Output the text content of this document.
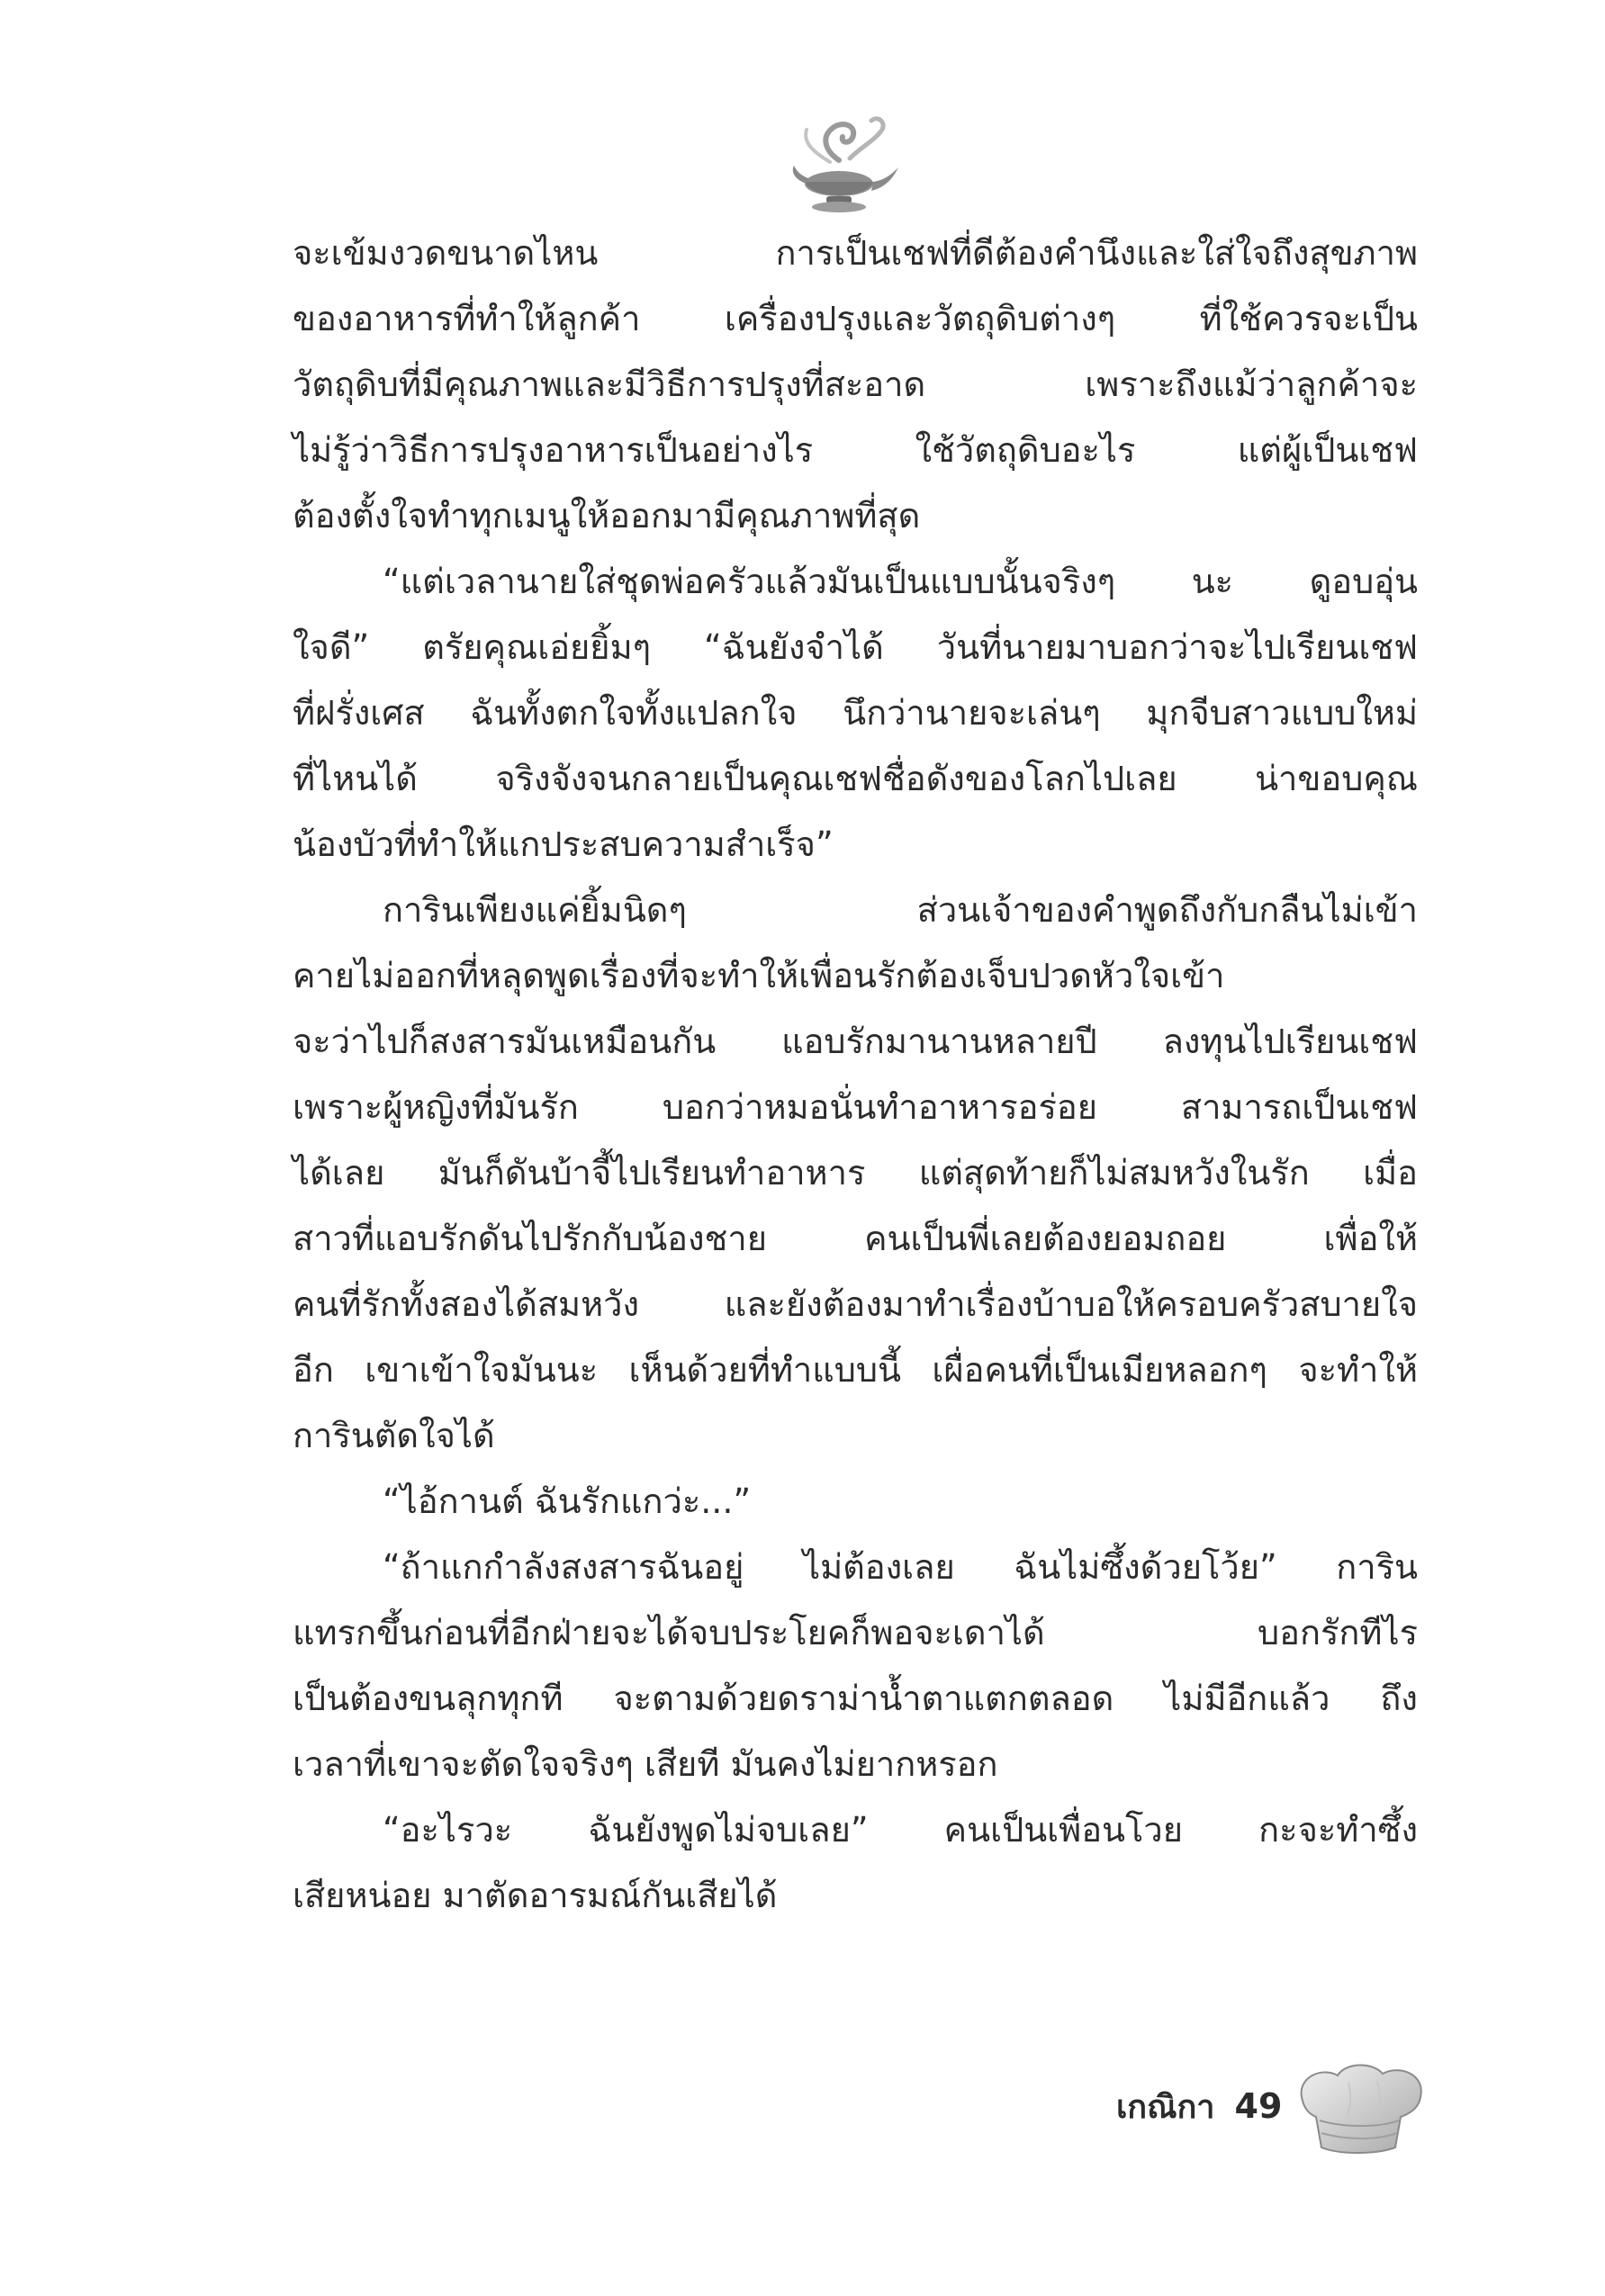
จะเข้มงวดขนาดไหน การเป็นเชฟที่ดีต้องคำนึงและใส่ใจถึงสุขภาพ
ของอาหารที่ทำให้ลูกค้า เครื่องปรุงและวัตถุดิบต่างๆ ที่ใช้ควรจะเป็น
วัตถุดิบที่มีคุณภาพและมีวิธีการปรุงที่สะอาด เพราะถึงแม้ว่าลูกค้าจะ
ไม่รู้ว่าวิธีการปรุงอาหารเป็นอย่างไร ใช้วัตถุดิบอะไร แต่ผู้เป็นเชฟ
ต้องตั้งใจทำทุกเมนูให้ออกมามีคุณภาพที่สุด
“แต่เวลานายใส่ชุดพ่อครัวแล้วมันเป็นแบบนั้นจริงๆ นะ ดูอบอุ่น
ใจดี” ตรัยคุณเอ่ยยิ้มๆ “ฉันยังจำได้ วันที่นายมาบอกว่าจะไปเรียนเชฟ
ที่ฝรั่งเศส ฉันทั้งตกใจทั้งแปลกใจ นึกว่านายจะเล่นๆ มุกจีบสาวแบบใหม่
ที่ไหนได้ จริงจังจนกลายเป็นคุณเชฟชื่อดังของโลกไปเลย น่าขอบคุณ
น้องบัวที่ทำให้แกประสบความสำเร็จ”
การินเพียงแค่ยิ้มนิดๆ ส่วนเจ้าของคำพูดถึงกับกลืนไม่เข้า
คายไม่ออกที่หลุดพูดเรื่องที่จะทำให้เพื่อนรักต้องเจ็บปวดหัวใจเข้า
จะว่าไปก็สงสารมันเหมือนกัน แอบรักมานานหลายปี ลงทุนไปเรียนเชฟ
เพราะผู้หญิงที่มันรัก บอกว่าหมอนั่นทำอาหารอร่อย สามารถเป็นเชฟ
ได้เลย มันก็ดันบ้าจี้ไปเรียนทำอาหาร แต่สุดท้ายก็ไม่สมหวังในรัก เมื่อ
สาวที่แอบรักดันไปรักกับน้องชาย คนเป็นพี่เลยต้องยอมถอย เพื่อให้
คนที่รักทั้งสองได้สมหวัง และยังต้องมาทำเรื่องบ้าบอให้ครอบครัวสบายใจ
อีก เขาเข้าใจมันนะ เห็นด้วยที่ทำแบบนี้ เผื่อคนที่เป็นเมียหลอกๆ จะทำให้
การินตัดใจได้
“ไอ้กานต์ ฉันรักแกว่ะ...”
“ถ้าแกกำลังสงสารฉันอยู่ ไม่ต้องเลย ฉันไม่ซึ้งด้วยโว้ย” การิน
แทรกขึ้นก่อนที่อีกฝ่ายจะได้จบประโยคก็พอจะเดาได้ บอกรักทีไร
เป็นต้องขนลุกทุกที จะตามด้วยดราม่าน้ำตาแตกตลอด ไม่มีอีกแล้ว ถึง
เวลาที่เขาจะตัดใจจริงๆ เสียที มันคงไม่ยากหรอก
“อะไรวะ ฉันยังพูดไม่จบเลย” คนเป็นเพื่อนโวย กะจะทำซึ้ง
เสียหน่อย มาตัดอารมณ์กันเสียได้
เกณิกา 49
